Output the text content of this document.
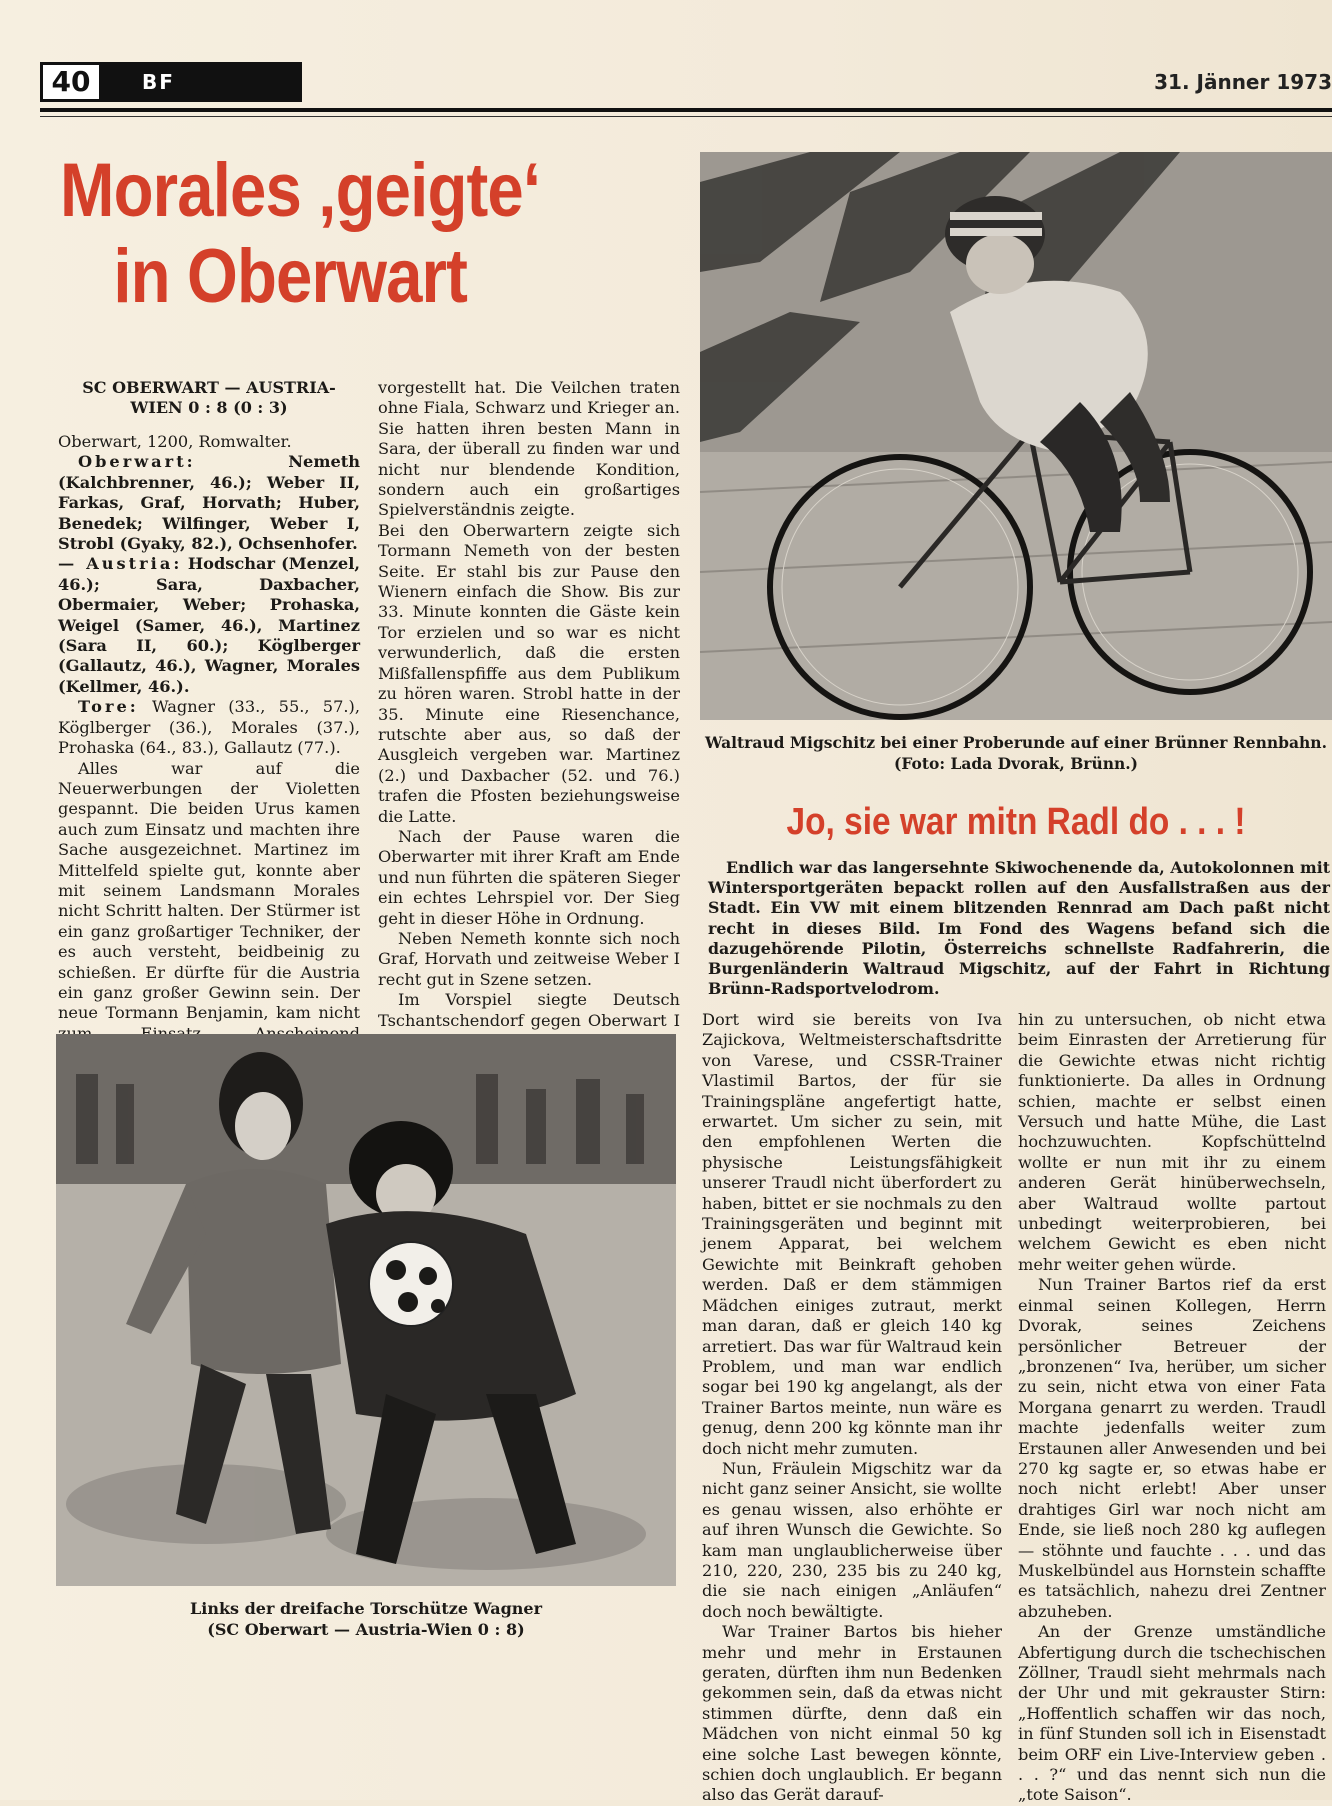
40	BF	31. Jänner 1973
Morales ‚geigte‘
in Oberwart

SC OBERWART — AUSTRIA-WIEN 0 : 8 (0 : 3)

Oberwart, 1200, Romwalter.

Oberwart:	Nemeth (Kalchbrenner, 46.); Weber II, Farkas, Graf, Horvath; Huber, Benedek; Wilfinger, Weber I, Strobl (Gyaky, 82.), Ochsenhofer.

— Austria: Hodschar (Menzel, 46.); Sara, Daxbacher, Obermaier, Weber; Prohaska, Weigel (Samer, 46.), Martinez (Sara II, 60.); Köglberger (Gallautz, 46.), Wagner, Morales (Kellmer, 46.).

Tore: Wagner (33., 55., 57.), Köglberger (36.), Morales (37.), Prohaska (64., 83.), Gallautz (77.).

Alles war auf die Neuerwerbungen der Violetten gespannt. Die beiden Urus kamen auch zum Einsatz und machten ihre Sache ausgezeichnet. Martinez im Mittelfeld spielte gut, konnte aber mit seinem Landsmann Morales nicht Schritt halten. Der Stürmer ist ein ganz großartiger Techniker, der es auch versteht, beidbeinig zu schießen. Er dürfte für die Austria ein ganz großer Gewinn sein. Der neue Tormann Benjamin, kam nicht

vorgestellt hat. Die Veilchen traten ohne Fiala, Schwarz und Krieger an. Sie hatten ihren besten Mann in Sara, der überall zu finden war und nicht nur blendende Kondition, sondern auch ein großartiges Spielverständnis zeigte.

Bei den Oberwartern zeigte sich Tormann Nemeth von der besten Seite. Er stahl bis zur Pause den Wienern einfach die Show. Bis zur 33. Minute konnten die Gäste kein Tor erzielen und so war es nicht verwunderlich, daß die ersten Mißfallenspfiffe aus dem Publikum zu hören waren. Strobl hatte in der 35. Minute eine Riesenchance, rutschte aber aus, so daß der Ausgleich vergeben war. Martinez (2.) und Daxbacher (52. und 76.) trafen die Pfosten beziehungsweise die Latte.

Nach der Pause waren die Oberwarter mit ihrer Kraft am Ende und nun führten die späteren Sieger ein echtes Lehrspiel vor. Der Sieg geht in dieser Höhe in Ordnung.

Neben Nemeth konnte sich noch Graf, Horvath und zeitweise Weber I recht gut in Szene setzen.

Im Vorspiel siegte Deutsch Tschantschendorf gegen Oberwart I

Waltraud Migschitz bei einer Proberunde auf einer Brünner Rennbahn. (Foto: Lada Dvorak, Brünn.)
Jo, sie war mitn Radl do . . . !

Endlich war das langersehnte Skiwochenende da, Autokolonnen mit Wintersportgeräten bepackt rollen auf den Ausfallstraßen aus der Stadt. Ein VW mit einem blitzenden Rennrad am Dach paßt nicht recht in dieses Bild. Im Fond des Wagens befand sich die dazugehörende Pilotin, Österreichs schnellste Radfahrerin, die Burgenländerin Waltraud Migschitz, auf der Fahrt in Richtung Brünn-Radsportvelodrom.

Dort wird sie bereits von Iva Zajickova, Weltmeisterschaftsdritte von Varese, und CSSR-Trainer Vlastimil Bartos, der für sie Trainingspläne angefertigt hatte, erwartet. Um sicher zu sein, mit den empfohlenen Werten die physische Leistungsfähigkeit unserer Traudl nicht überfordert zu haben, bittet er sie nochmals zu den Trainingsgeräten und beginnt mit jenem Apparat, bei welchem Gewichte mit Beinkraft gehoben werden. Daß er dem stämmigen Mädchen einiges zutraut, merkt man daran, daß er gleich 140 kg arretiert. Das war für Waltraud kein Problem, und man war endlich sogar bei 190 kg angelangt, als der Trainer Bartos meinte, nun wäre es genug, denn 200 kg könnte man ihr doch nicht mehr zumuten.

Nun, Fräulein Migschitz war da nicht ganz seiner Ansicht, sie wollte es genau wissen, also erhöhte er auf ihren Wunsch die Gewichte. So kam man unglaublicherweise über 210, 220, 230, 235 bis zu 240 kg, die sie nach einigen „Anläufen“ doch noch bewältigte.

War Trainer Bartos bis hieher mehr und mehr in Erstaunen geraten, dürften ihm nun Bedenken gekommen sein, daß da etwas nicht stimmen dürfte, denn daß ein Mädchen von nicht einmal 50 kg eine solche Last bewegen könnte, schien doch unglaublich. Er begann also das Gerät darauf-

hin zu untersuchen, ob nicht etwa beim Einrasten der Arretierung für die Gewichte etwas nicht richtig funktionierte. Da alles in Ordnung schien, machte er selbst einen Versuch und hatte Mühe, die Last hochzuwuchten. Kopfschüttelnd wollte er nun mit ihr zu einem anderen Gerät hinüberwechseln, aber Waltraud wollte partout unbedingt weiterprobieren, bei welchem Gewicht es eben nicht mehr weiter gehen würde.

Nun Trainer Bartos rief da erst einmal seinen Kollegen, Herrn Dvorak, seines Zeichens persönlicher Betreuer der „bronzenen“ Iva, herüber, um sicher zu sein, nicht etwa von einer Fata Morgana genarrt zu werden. Traudl machte jedenfalls weiter zum Erstaunen aller Anwesenden und bei 270 kg sagte er, so etwas habe er noch nicht erlebt! Aber unser drahtiges Girl war noch nicht am Ende, sie ließ noch 280 kg auflegen — stöhnte und fauchte . . . und das Muskelbündel aus Hornstein schaffte es tatsächlich, nahezu drei Zentner abzuheben.

An der Grenze umständliche Abfertigung durch die tschechischen Zöllner, Traudl sieht mehrmals nach der Uhr und mit gekrauster Stirn: „Hoffentlich schaffen wir das noch, in fünf Stunden soll ich in Eisenstadt beim ORF ein Live-Interview geben . . . ?“ und das nennt sich nun die „tote Saison“.

Links der dreifache Torschütze Wagner
(SC Oberwart — Austria-Wien 0 : 8)
